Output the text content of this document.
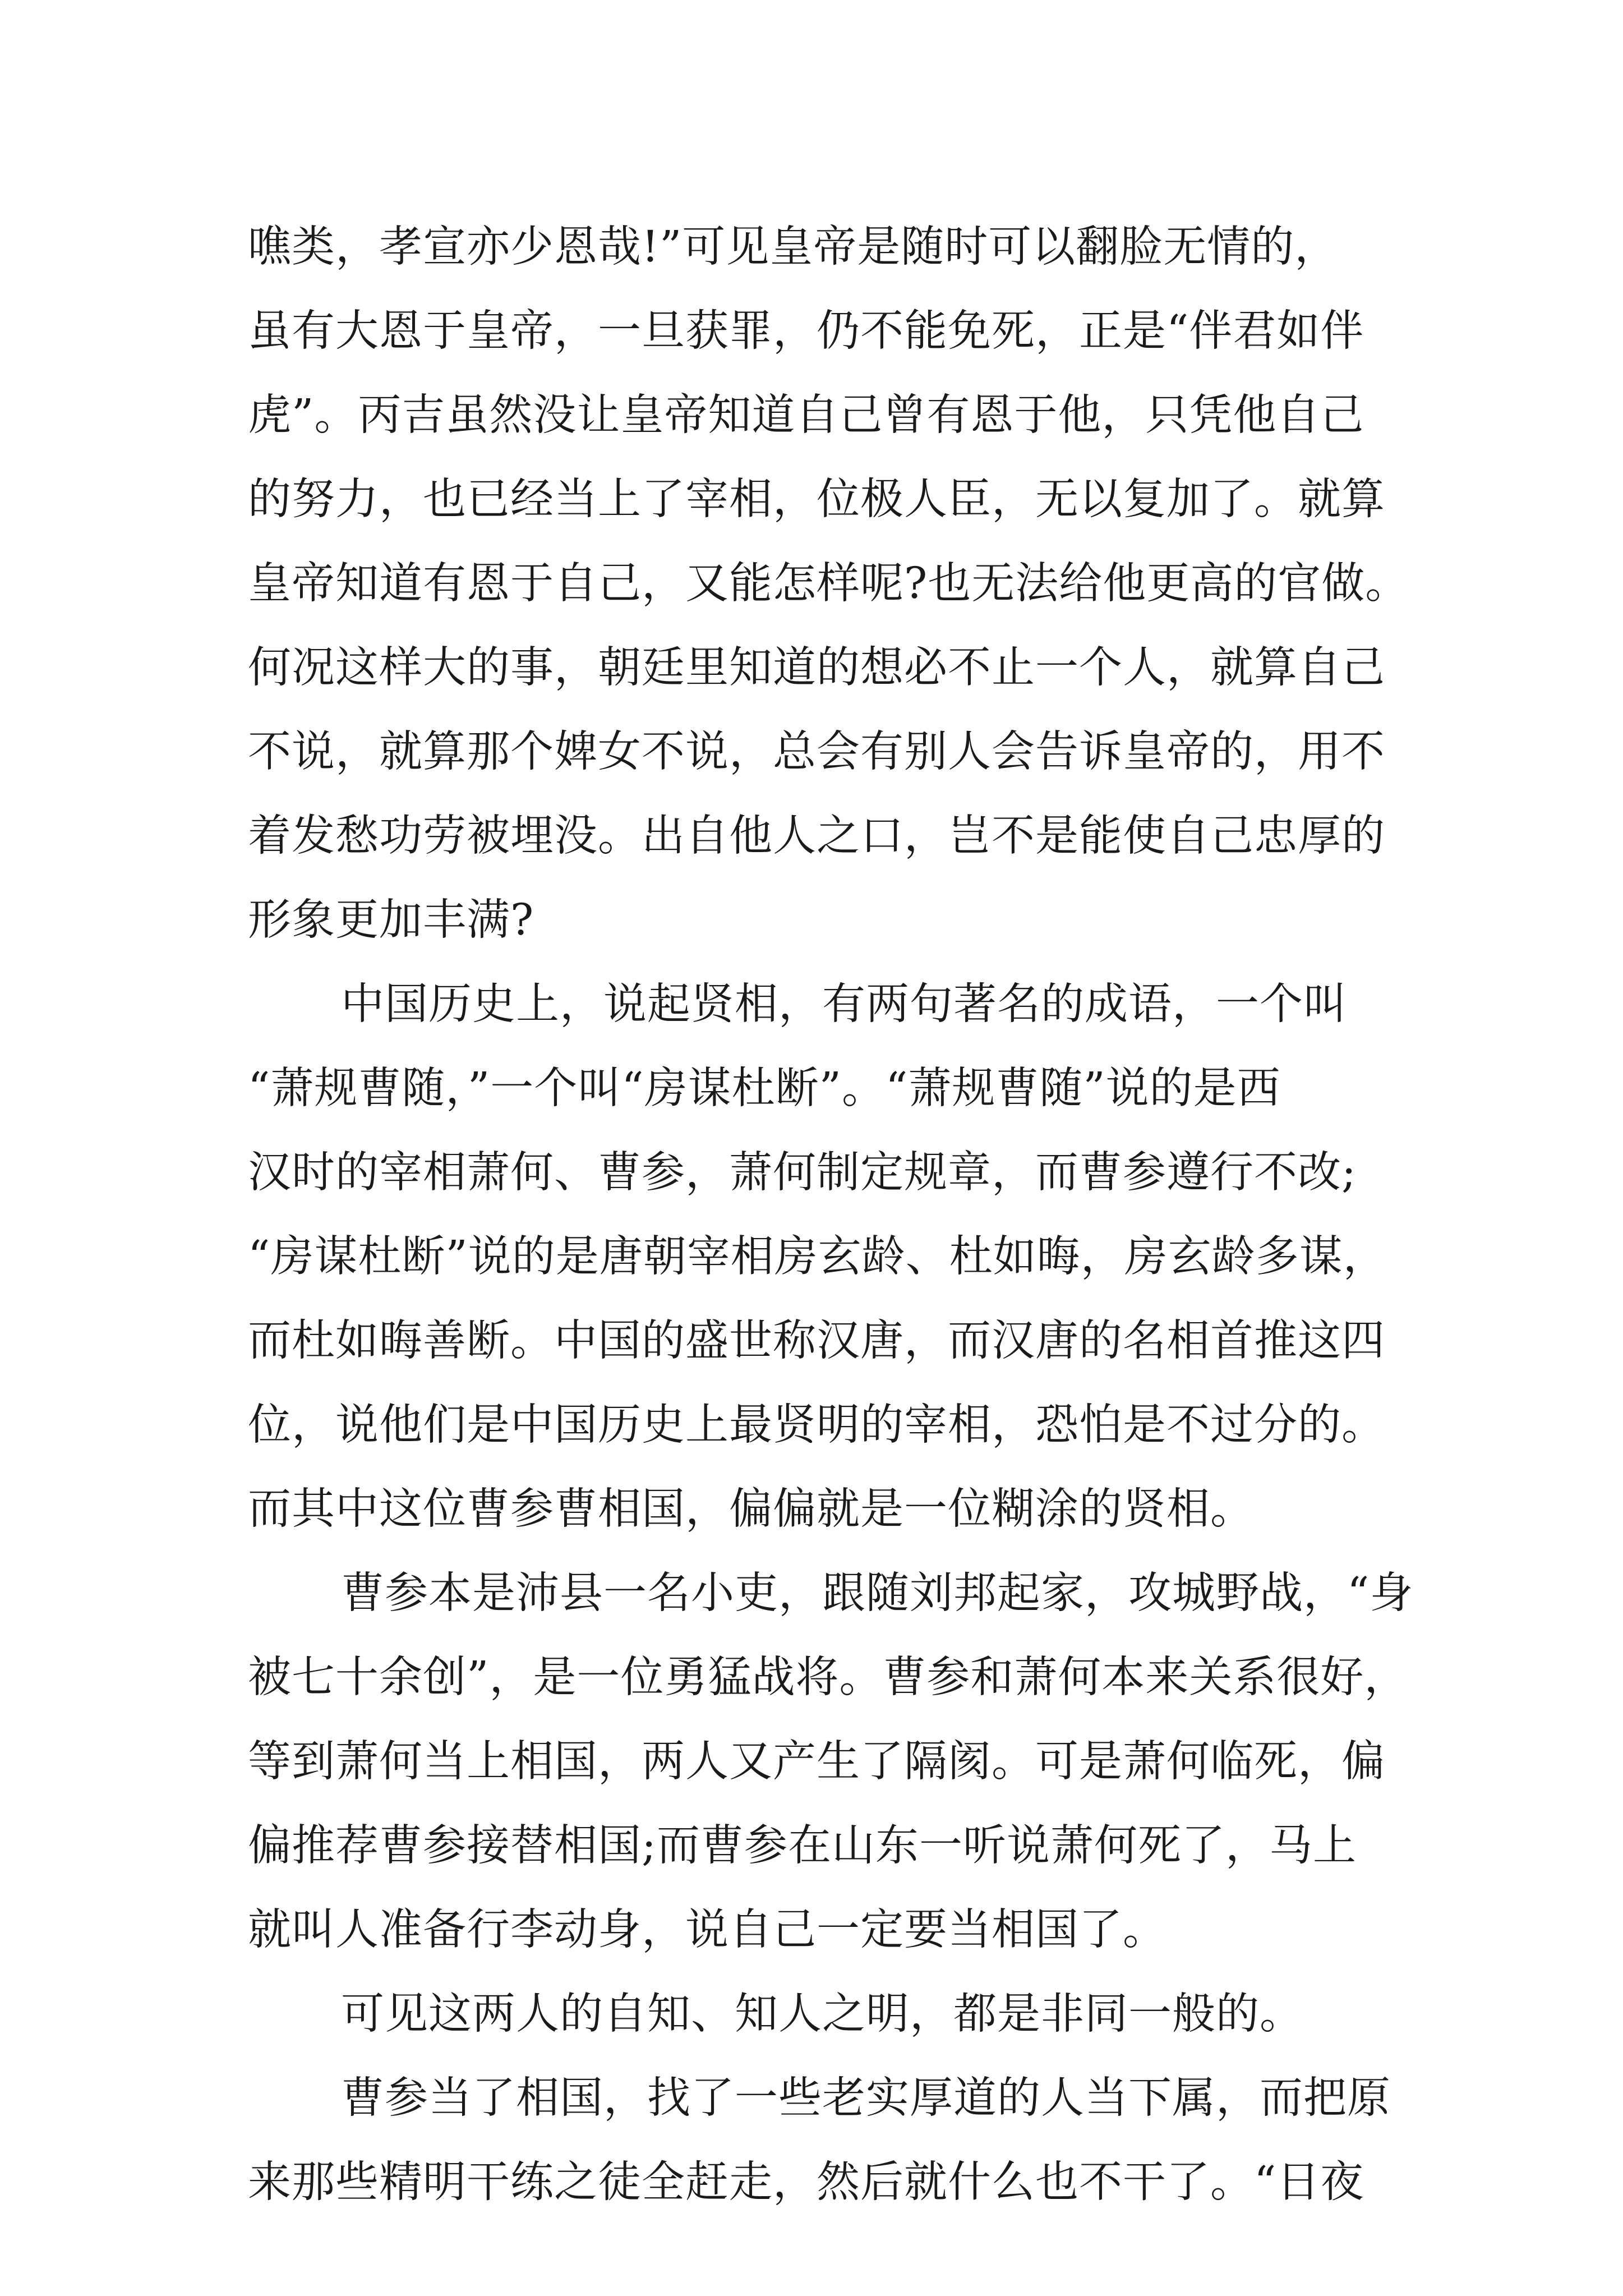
噍类，孝宣亦少恩哉!”可见皇帝是随时可以翻脸无情的，
虽有大恩于皇帝，一旦获罪，仍不能免死，正是“伴君如伴
虎”。丙吉虽然没让皇帝知道自己曾有恩于他，只凭他自己
的努力，也已经当上了宰相，位极人臣，无以复加了。就算
皇帝知道有恩于自己，又能怎样呢?也无法给他更高的官做。
何况这样大的事，朝廷里知道的想必不止一个人，就算自己
不说，就算那个婢女不说，总会有别人会告诉皇帝的，用不
着发愁功劳被埋没。出自他人之口，岂不是能使自己忠厚的
形象更加丰满?
中国历史上，说起贤相，有两句著名的成语，一个叫
“萧规曹随，”一个叫“房谋杜断”。“萧规曹随”说的是西
汉时的宰相萧何、曹参，萧何制定规章，而曹参遵行不改;
“房谋杜断”说的是唐朝宰相房玄龄、杜如晦，房玄龄多谋，
而杜如晦善断。中国的盛世称汉唐，而汉唐的名相首推这四
位，说他们是中国历史上最贤明的宰相，恐怕是不过分的。
而其中这位曹参曹相国，偏偏就是一位糊涂的贤相。
曹参本是沛县一名小吏，跟随刘邦起家，攻城野战，“身
被七十余创”，是一位勇猛战将。曹参和萧何本来关系很好，
等到萧何当上相国，两人又产生了隔阂。可是萧何临死，偏
偏推荐曹参接替相国;而曹参在山东一听说萧何死了，马上
就叫人准备行李动身，说自己一定要当相国了。
可见这两人的自知、知人之明，都是非同一般的。
曹参当了相国，找了一些老实厚道的人当下属，而把原
来那些精明干练之徒全赶走，然后就什么也不干了。“日夜
